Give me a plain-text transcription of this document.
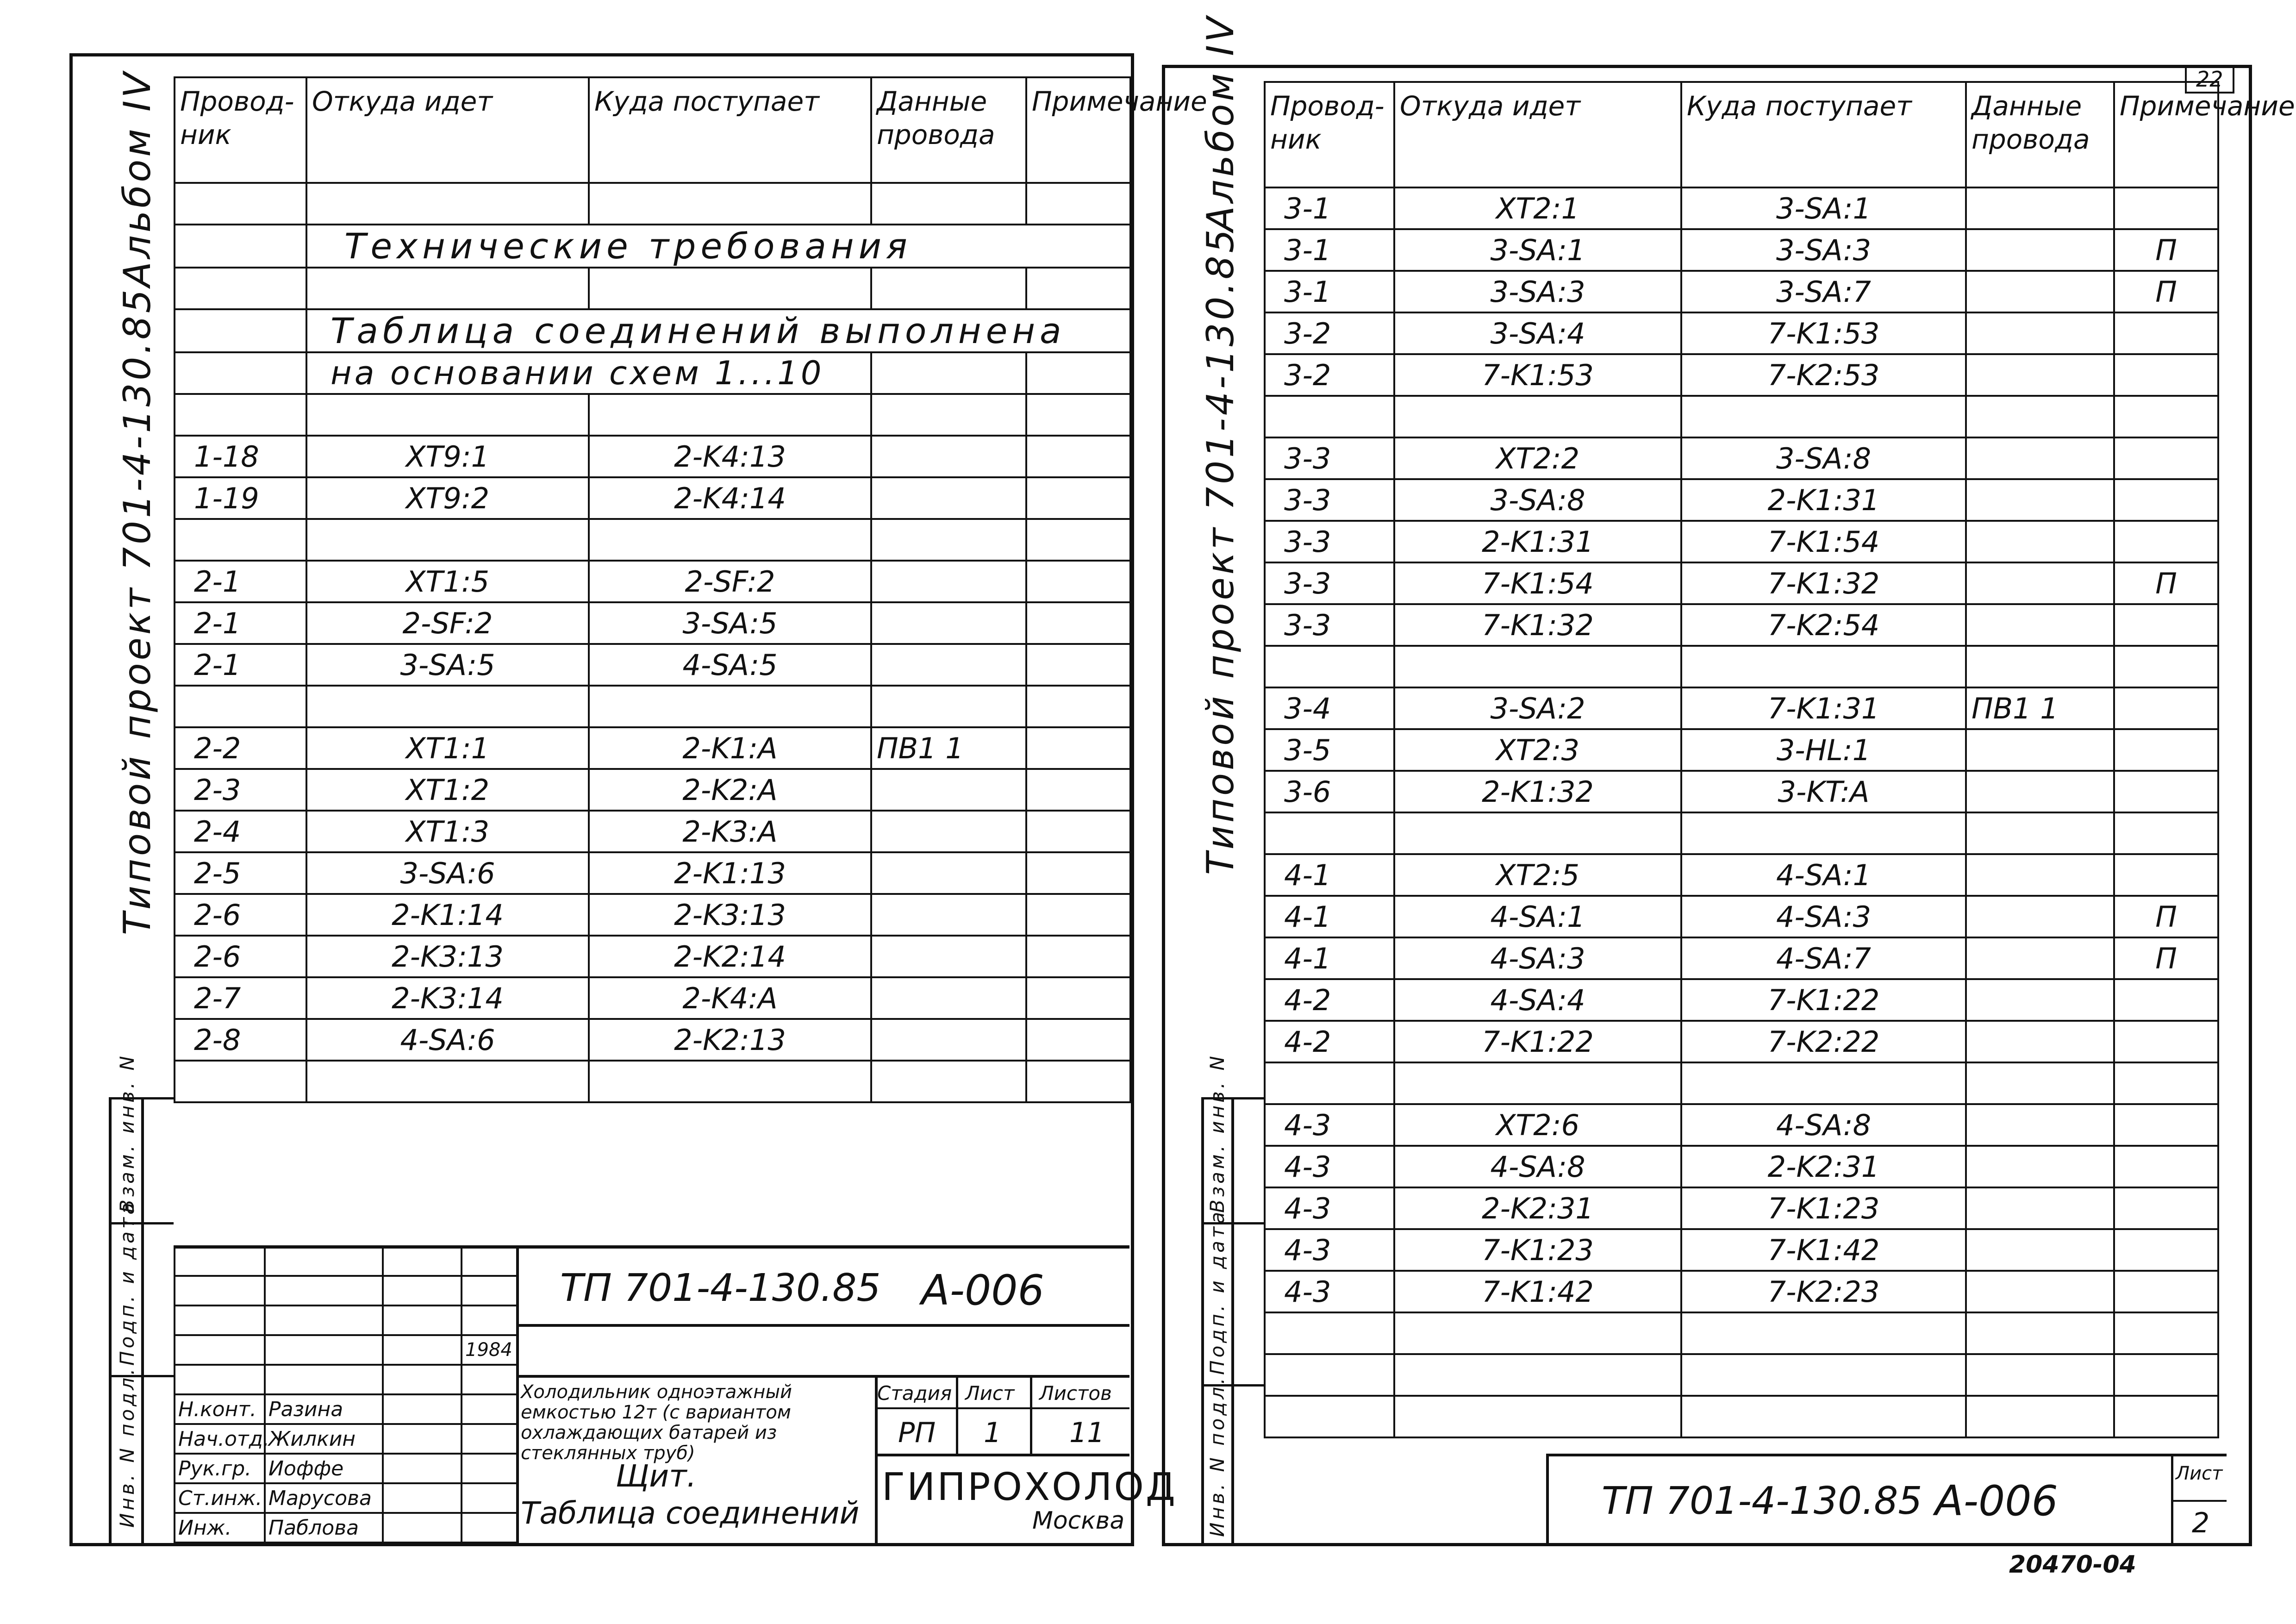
Альбом IV
Типовой проект 701-4-130.85
Взам. инв. N
Подп. и дата
Инв. N подл.
Провод-ник	Откуда идет	Куда поступает	Данные провода	Примечание

	Технические требования			

	Таблица соединений выполнена			
	на основании схем 1...10			

1-18	XT9:1	2-K4:13		
1-19	XT9:2	2-K4:14		

2-1	XT1:5	2-SF:2		
2-1	2-SF:2	3-SA:5		
2-1	3-SA:5	4-SA:5		

2-2	XT1:1	2-K1:A	ПВ1 1	
2-3	XT1:2	2-K2:A		
2-4	XT1:3	2-K3:A		
2-5	3-SA:6	2-K1:13		
2-6	2-K1:14	2-K3:13		
2-6	2-K3:13	2-K2:14		
2-7	2-K3:14	2-K4:A		
2-8	4-SA:6	2-K2:13		

ТП 701-4-130.85 А-006
Холодильник одноэтажный емкостью 12т (с вариантом охлаждающих батарей из стеклянных труб)
Щит.
Таблица соединений
Стадия Лист Листов
РП 1 11
ГИПРОХОЛОД
Москва

			1984

Н.конт.	Разина		
Нач.отд.	Жилкин		
Рук.гр.	Иоффе		
Ст.инж.	Марусова		
Инж.	Паблова		
22
Альбом IV
Типовой проект 701-4-130.85
Взам. инв. N
Подп. и дата
Инв. N подл.
Провод-ник	Откуда идет	Куда поступает	Данные провода	Примечание
3-1	XT2:1	3-SA:1		
3-1	3-SA:1	3-SA:3		П
3-1	3-SA:3	3-SA:7		П
3-2	3-SA:4	7-K1:53		
3-2	7-K1:53	7-K2:53		

3-3	XT2:2	3-SA:8		
3-3	3-SA:8	2-K1:31		
3-3	2-K1:31	7-K1:54		
3-3	7-K1:54	7-K1:32		П
3-3	7-K1:32	7-K2:54		

3-4	3-SA:2	7-K1:31	ПВ1 1	
3-5	XT2:3	3-HL:1		
3-6	2-K1:32	3-KT:A		

4-1	XT2:5	4-SA:1		
4-1	4-SA:1	4-SA:3		П
4-1	4-SA:3	4-SA:7		П
4-2	4-SA:4	7-K1:22		
4-2	7-K1:22	7-K2:22		

4-3	XT2:6	4-SA:8		
4-3	4-SA:8	2-K2:31		
4-3	2-K2:31	7-K1:23		
4-3	7-K1:23	7-K1:42		
4-3	7-K1:42	7-K2:23		

ТП 701-4-130.85 А-006
Лист
2
20470-04
